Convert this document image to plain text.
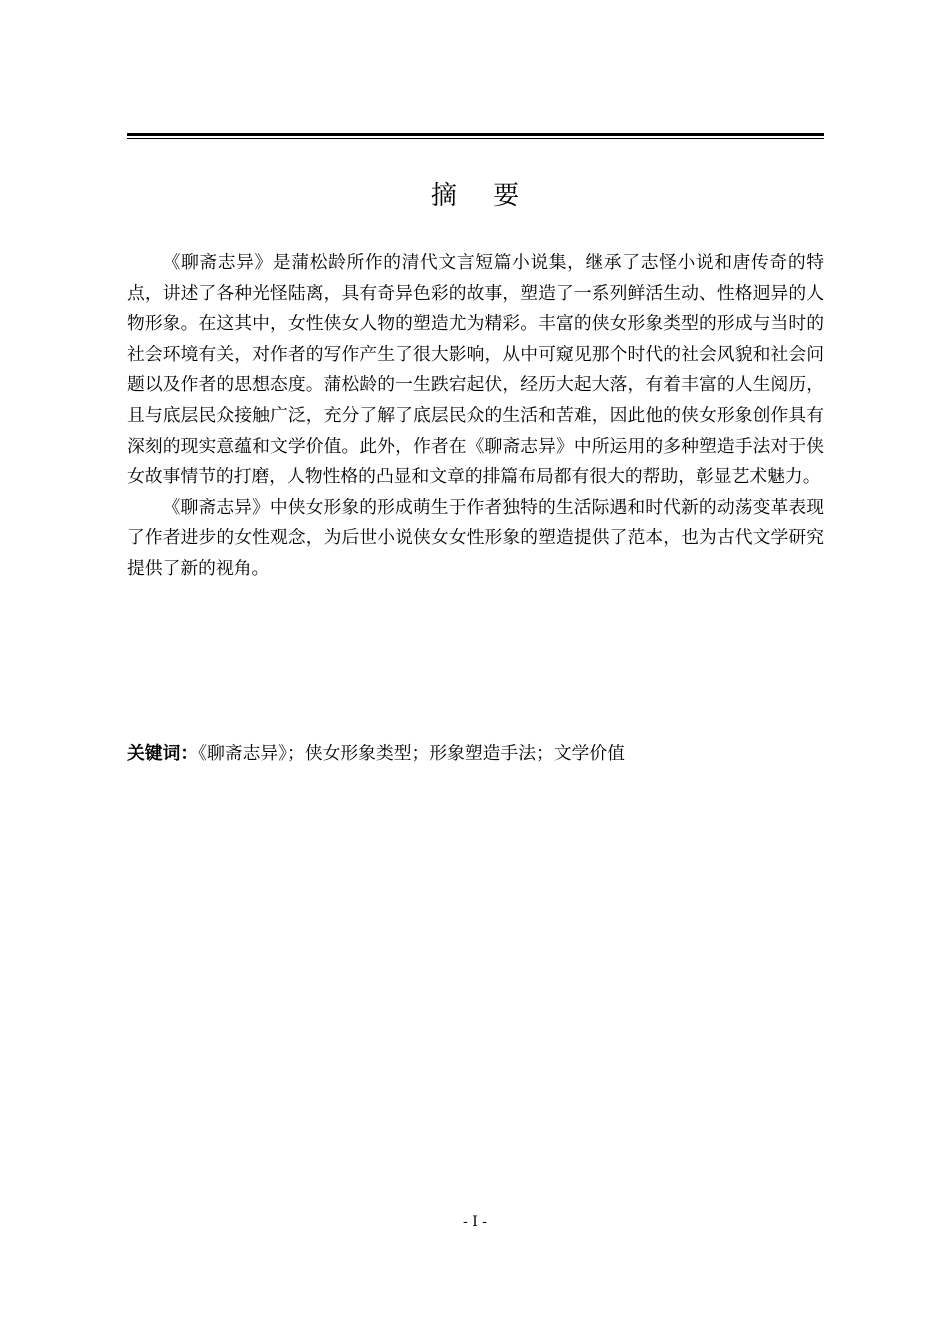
摘 要

《聊斋志异》是蒲松龄所作的清代文言短篇小说集，继承了志怪小说和唐传奇的特点，讲述了各种光怪陆离，具有奇异色彩的故事，塑造了一系列鲜活生动、性格迥异的人物形象。在这其中，女性侠女人物的塑造尤为精彩。丰富的侠女形象类型的形成与当时的社会环境有关，对作者的写作产生了很大影响，从中可窥见那个时代的社会风貌和社会问题以及作者的思想态度。蒲松龄的一生跌宕起伏，经历大起大落，有着丰富的人生阅历，且与底层民众接触广泛，充分了解了底层民众的生活和苦难，因此他的侠女形象创作具有深刻的现实意蕴和文学价值。此外，作者在《聊斋志异》中所运用的多种塑造手法对于侠女故事情节的打磨，人物性格的凸显和文章的排篇布局都有很大的帮助，彰显艺术魅力。

《聊斋志异》中侠女形象的形成萌生于作者独特的生活际遇和时代新的动荡变革表现了作者进步的女性观念，为后世小说侠女女性形象的塑造提供了范本，也为古代文学研究提供了新的视角。

关键词：《聊斋志异》；侠女形象类型；形象塑造手法；文学价值
- I -
